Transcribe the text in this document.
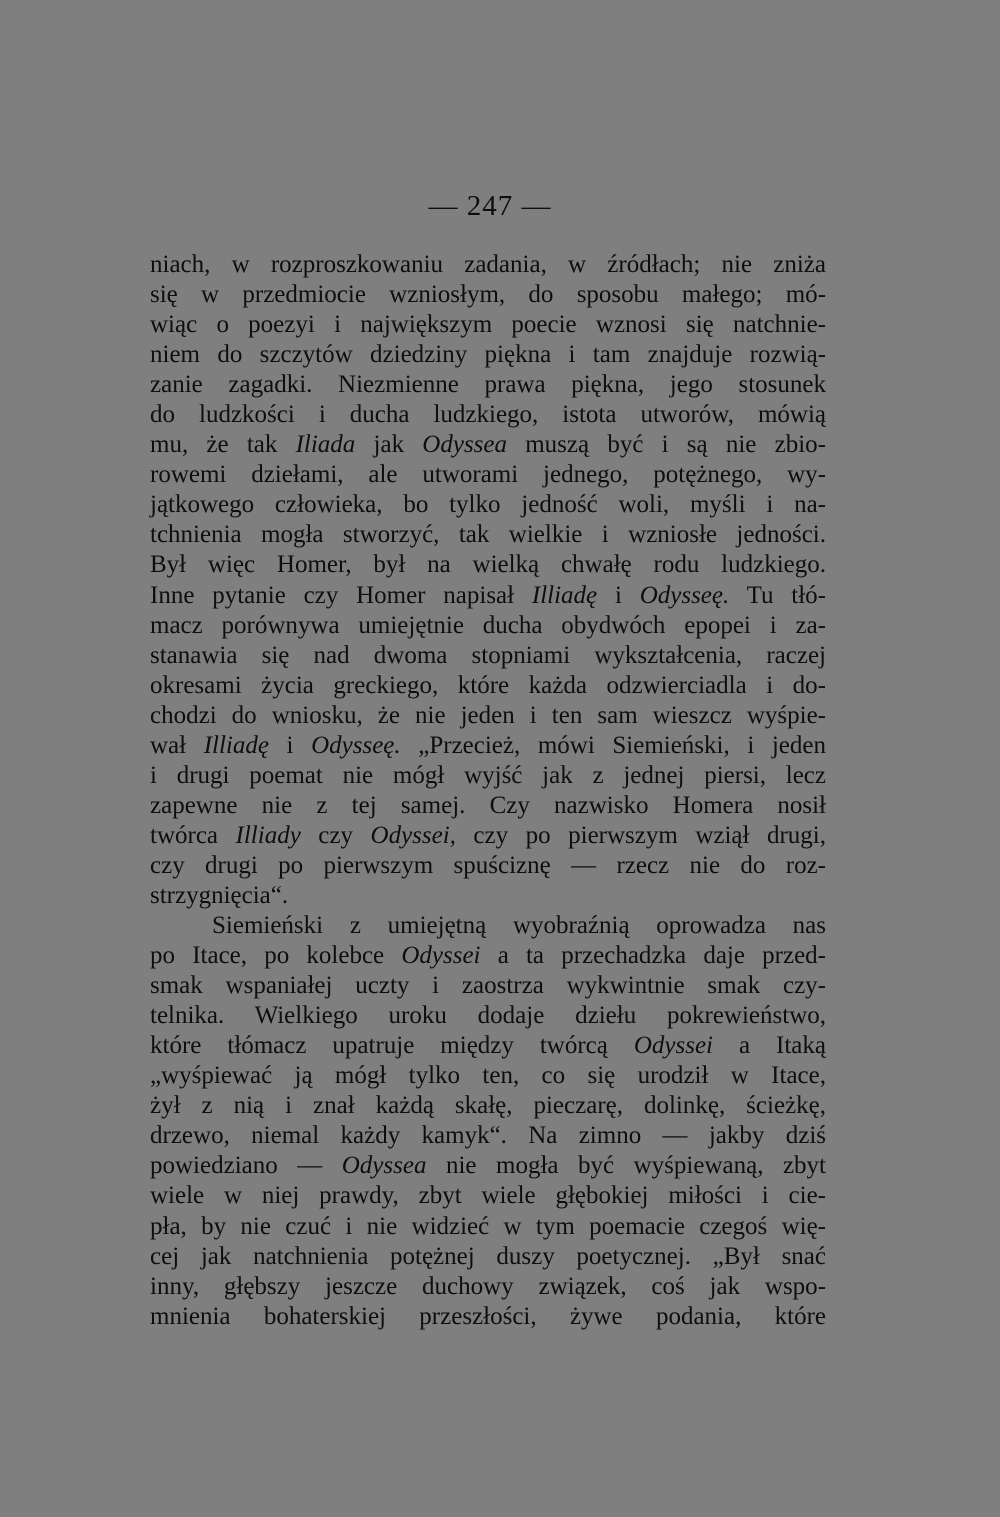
— 247 —
niach, w rozproszkowaniu zadania, w źródłach; nie zniża
się w przedmiocie wzniosłym, do sposobu małego; mó-
wiąc o poezyi i największym poecie wznosi się natchnie-
niem do szczytów dziedziny piękna i tam znajduje rozwią-
zanie zagadki. Niezmienne prawa piękna, jego stosunek
do ludzkości i ducha ludzkiego, istota utworów, mówią
mu, że tak Iliada jak Odyssea muszą być i są nie zbio-
rowemi dziełami, ale utworami jednego, potężnego, wy-
jątkowego człowieka, bo tylko jedność woli, myśli i na-
tchnienia mogła stworzyć, tak wielkie i wzniosłe jedności.
Był więc Homer, był na wielką chwałę rodu ludzkiego.
Inne pytanie czy Homer napisał Illiadę i Odysseę. Tu tłó-
macz porównywa umiejętnie ducha obydwóch epopei i za-
stanawia się nad dwoma stopniami wykształcenia, raczej
okresami życia greckiego, które każda odzwierciadla i do-
chodzi do wniosku, że nie jeden i ten sam wieszcz wyśpie-
wał Illiadę i Odysseę. „Przecież, mówi Siemieński, i jeden
i drugi poemat nie mógł wyjść jak z jednej piersi, lecz
zapewne nie z tej samej. Czy nazwisko Homera nosił
twórca Illiady czy Odyssei, czy po pierwszym wziął drugi,
czy drugi po pierwszym spuściznę — rzecz nie do roz-
strzygnięcia“.
Siemieński z umiejętną wyobraźnią oprowadza nas
po Itace, po kolebce Odyssei a ta przechadzka daje przed-
smak wspaniałej uczty i zaostrza wykwintnie smak czy-
telnika. Wielkiego uroku dodaje dziełu pokrewieństwo,
które tłómacz upatruje między twórcą Odyssei a Itaką
„wyśpiewać ją mógł tylko ten, co się urodził w Itace,
żył z nią i znał każdą skałę, pieczarę, dolinkę, ścieżkę,
drzewo, niemal każdy kamyk“. Na zimno — jakby dziś
powiedziano — Odyssea nie mogła być wyśpiewaną, zbyt
wiele w niej prawdy, zbyt wiele głębokiej miłości i cie-
pła, by nie czuć i nie widzieć w tym poemacie czegoś wię-
cej jak natchnienia potężnej duszy poetycznej. „Był snać
inny, głębszy jeszcze duchowy związek, coś jak wspo-
mnienia bohaterskiej przeszłości, żywe podania, które
